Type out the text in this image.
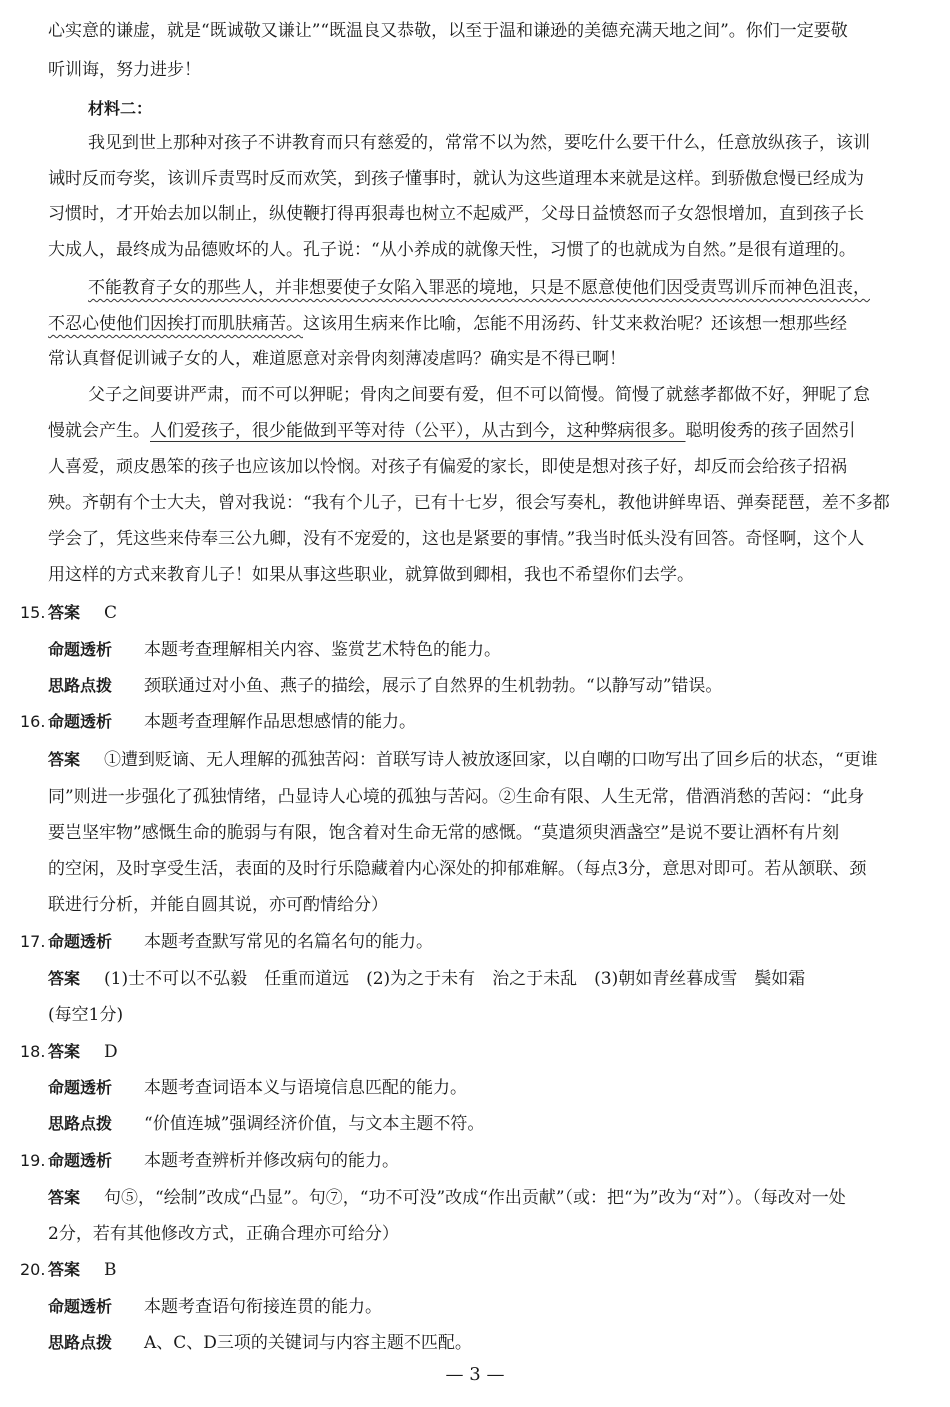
心实意的谦虚，就是“既诚敬又谦让”“既温良又恭敬，以至于温和谦逊的美德充满天地之间”。你们一定要敬
听训诲，努力进步！
材料二：
我见到世上那种对孩子不讲教育而只有慈爱的，常常不以为然，要吃什么要干什么，任意放纵孩子，该训
诫时反而夸奖，该训斥责骂时反而欢笑，到孩子懂事时，就认为这些道理本来就是这样。到骄傲怠慢已经成为
习惯时，才开始去加以制止，纵使鞭打得再狠毒也树立不起威严，父母日益愤怒而子女怨恨增加，直到孩子长
大成人，最终成为品德败坏的人。孔子说：“从小养成的就像天性，习惯了的也就成为自然。”是很有道理的。
不能教育子女的那些人，并非想要使子女陷入罪恶的境地，只是不愿意使他们因受责骂训斥而神色沮丧，
不忍心使他们因挨打而肌肤痛苦。这该用生病来作比喻，怎能不用汤药、针艾来救治呢？还该想一想那些经
常认真督促训诫子女的人，难道愿意对亲骨肉刻薄凌虐吗？确实是不得已啊！
父子之间要讲严肃，而不可以狎昵；骨肉之间要有爱，但不可以简慢。简慢了就慈孝都做不好，狎昵了怠
慢就会产生。人们爱孩子，很少能做到平等对待（公平），从古到今，这种弊病很多。聪明俊秀的孩子固然引
人喜爱，顽皮愚笨的孩子也应该加以怜悯。对孩子有偏爱的家长，即使是想对孩子好，却反而会给孩子招祸
殃。齐朝有个士大夫，曾对我说：“我有个儿子，已有十七岁，很会写奏札，教他讲鲜卑语、弹奏琵琶，差不多都
学会了，凭这些来侍奉三公九卿，没有不宠爱的，这也是紧要的事情。”我当时低头没有回答。奇怪啊，这个人
用这样的方式来教育儿子！如果从事这些职业，就算做到卿相，我也不希望你们去学。
15. 答案 C
命题透析 本题考查理解相关内容、鉴赏艺术特色的能力。
思路点拨 颈联通过对小鱼、燕子的描绘，展示了自然界的生机勃勃。“以静写动”错误。
16. 命题透析 本题考查理解作品思想感情的能力。
答案 ①遭到贬谪、无人理解的孤独苦闷：首联写诗人被放逐回家，以自嘲的口吻写出了回乡后的状态，“更谁
同”则进一步强化了孤独情绪，凸显诗人心境的孤独与苦闷。②生命有限、人生无常，借酒消愁的苦闷：“此身
要岂坚牢物”感慨生命的脆弱与有限，饱含着对生命无常的感慨。“莫遣须臾酒盏空”是说不要让酒杯有片刻
的空闲，及时享受生活，表面的及时行乐隐藏着内心深处的抑郁难解。（每点3分，意思对即可。若从颔联、颈
联进行分析，并能自圆其说，亦可酌情给分）
17. 命题透析 本题考查默写常见的名篇名句的能力。
答案 (1)士不可以不弘毅　任重而道远　(2)为之于未有　治之于未乱　(3)朝如青丝暮成雪　鬓如霜
(每空1分)
18. 答案 D
命题透析 本题考查词语本义与语境信息匹配的能力。
思路点拨 “价值连城”强调经济价值，与文本主题不符。
19. 命题透析 本题考查辨析并修改病句的能力。
答案 句⑤，“绘制”改成“凸显”。句⑦，“功不可没”改成“作出贡献”（或：把“为”改为“对”）。（每改对一处
2分，若有其他修改方式，正确合理亦可给分）
20. 答案 B
命题透析 本题考查语句衔接连贯的能力。
思路点拨 A、C、D三项的关键词与内容主题不匹配。
— 3 —
